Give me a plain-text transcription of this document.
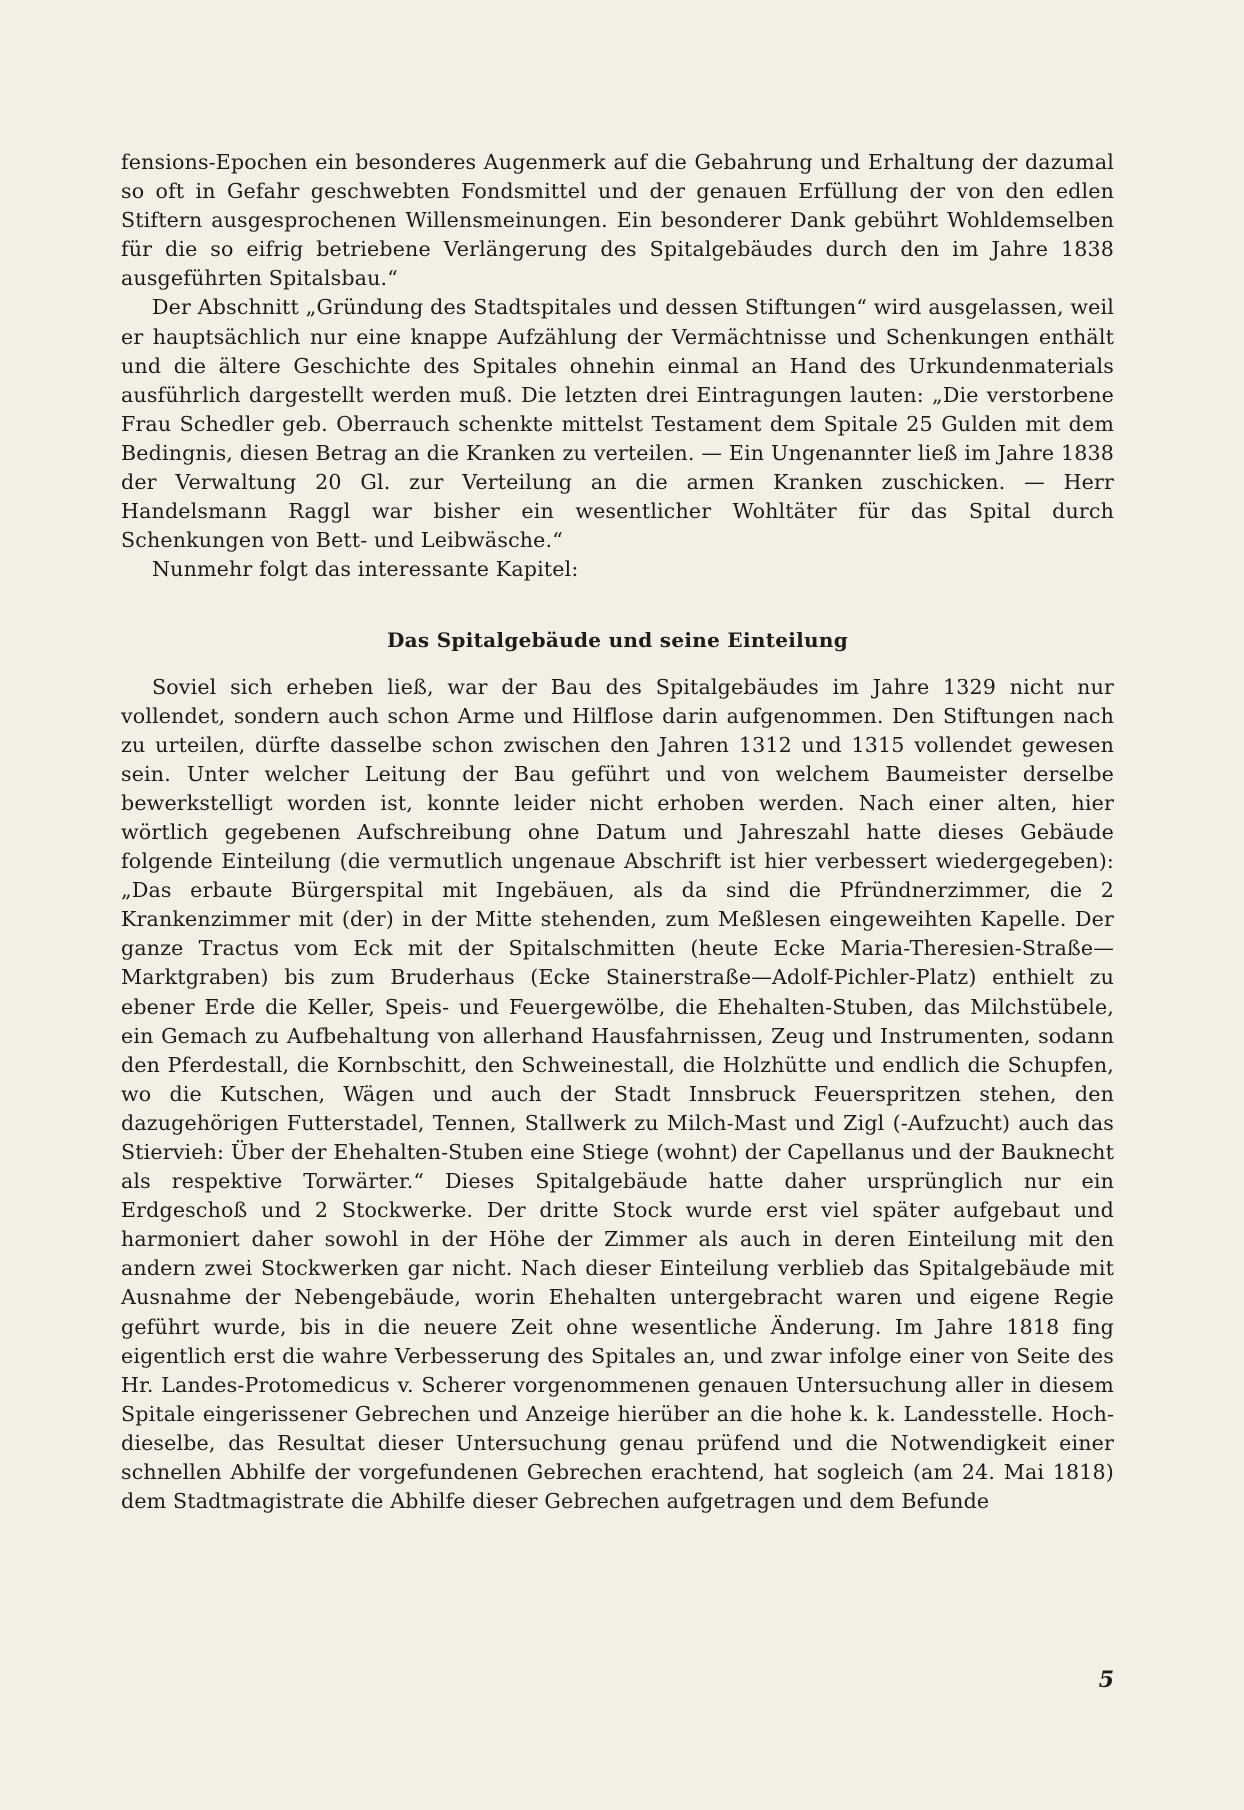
fensions-Epochen ein besonderes Augenmerk auf die Gebahrung und Erhaltung der dazumal so oft in Gefahr geschwebten Fondsmittel und der genauen Erfüllung der von den edlen Stiftern ausgesprochenen Willensmeinungen. Ein besonderer Dank gebührt Wohldemselben für die so eifrig betriebene Verlängerung des Spitalgebäudes durch den im Jahre 1838 ausgeführten Spitalsbau.“

Der Abschnitt „Gründung des Stadtspitales und dessen Stiftungen“ wird ausgelassen, weil er hauptsächlich nur eine knappe Aufzählung der Vermächtnisse und Schenkungen enthält und die ältere Geschichte des Spitales ohnehin einmal an Hand des Urkundenmaterials ausführlich dargestellt werden muß. Die letzten drei Eintragungen lauten: „Die verstorbene Frau Schedler geb. Oberrauch schenkte mittelst Testament dem Spitale 25 Gulden mit dem Bedingnis, diesen Betrag an die Kranken zu verteilen. — Ein Ungenannter ließ im Jahre 1838 der Verwaltung 20 Gl. zur Verteilung an die armen Kranken zuschicken. — Herr Handelsmann Raggl war bisher ein wesentlicher Wohltäter für das Spital durch Schenkungen von Bett- und Leibwäsche.“

Nunmehr folgt das interessante Kapitel:

Das Spitalgebäude und seine Einteilung

Soviel sich erheben ließ, war der Bau des Spitalgebäudes im Jahre 1329 nicht nur vollendet, sondern auch schon Arme und Hilflose darin aufgenommen. Den Stiftungen nach zu urteilen, dürfte dasselbe schon zwischen den Jahren 1312 und 1315 vollendet gewesen sein. Unter welcher Leitung der Bau geführt und von welchem Baumeister derselbe bewerkstelligt worden ist, konnte leider nicht erhoben werden. Nach einer alten, hier wörtlich gegebenen Aufschreibung ohne Datum und Jahreszahl hatte dieses Gebäude folgende Einteilung (die vermutlich ungenaue Abschrift ist hier verbessert wiedergegeben): „Das erbaute Bürgerspital mit Ingebäuen, als da sind die Pfründnerzimmer, die 2 Krankenzimmer mit (der) in der Mitte stehenden, zum Meßlesen eingeweihten Kapelle. Der ganze Tractus vom Eck mit der Spitalschmitten (heute Ecke Maria-Theresien-Straße—Marktgraben) bis zum Bruderhaus (Ecke Stainerstraße—Adolf-Pichler-Platz) enthielt zu ebener Erde die Keller, Speis- und Feuergewölbe, die Ehehalten-Stuben, das Milchstübele, ein Gemach zu Aufbehaltung von allerhand Hausfahrnissen, Zeug und Instrumenten, sodann den Pferdestall, die Kornbschitt, den Schweinestall, die Holzhütte und endlich die Schupfen, wo die Kutschen, Wägen und auch der Stadt Innsbruck Feuerspritzen stehen, den dazugehörigen Futterstadel, Tennen, Stallwerk zu Milch-Mast und Zigl (-Aufzucht) auch das Stiervieh: Über der Ehehalten-Stuben eine Stiege (wohnt) der Capellanus und der Bauknecht als respektive Torwärter.“ Dieses Spitalgebäude hatte daher ursprünglich nur ein Erdgeschoß und 2 Stockwerke. Der dritte Stock wurde erst viel später aufgebaut und harmoniert daher sowohl in der Höhe der Zimmer als auch in deren Einteilung mit den andern zwei Stockwerken gar nicht. Nach dieser Einteilung verblieb das Spitalgebäude mit Ausnahme der Nebengebäude, worin Ehehalten untergebracht waren und eigene Regie geführt wurde, bis in die neuere Zeit ohne wesentliche Änderung. Im Jahre 1818 fing eigentlich erst die wahre Verbesserung des Spitales an, und zwar infolge einer von Seite des Hr. Landes-Protomedicus v. Scherer vorgenommenen genauen Untersuchung aller in diesem Spitale eingerissener Gebrechen und Anzeige hierüber an die hohe k. k. Landesstelle. Hochdieselbe, das Resultat dieser Untersuchung genau prüfend und die Notwendigkeit einer schnellen Abhilfe der vorgefundenen Gebrechen erachtend, hat sogleich (am 24. Mai 1818) dem Stadtmagistrate die Abhilfe dieser Gebrechen aufgetragen und dem Befunde

5
